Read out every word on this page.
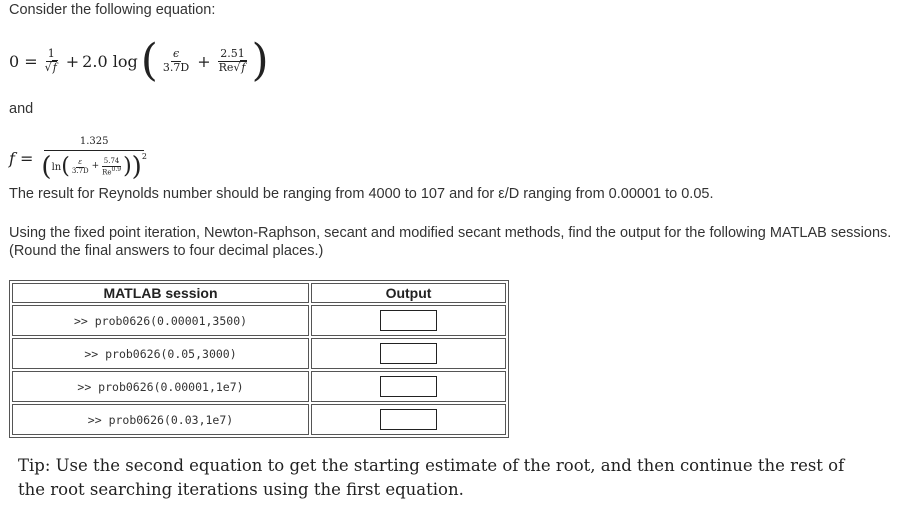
Consider the following equation:
$0 = \frac{1}{√f} + 2.0$ log ( $\frac{\epsilon}{3.7D} + \frac{2.51}{Re√f}$ )
and
f =
1.325
( ln ( $\frac{\varepsilon}{3.7D} + \frac{5.74}{Re^{0.9}}$ ) ) 2
The result for Reynolds number should be ranging from 4000 to 107 and for ε/D ranging from 0.00001 to 0.05.
Using the fixed point iteration, Newton-Raphson, secant and modified secant methods, find the output for the following MATLAB sessions. (Round the final answers to four decimal places.)
MATLAB session	Output
>> prob0626(0.00001,3500)	
>> prob0626(0.05,3000)	
>> prob0626(0.00001,1e7)	
>> prob0626(0.03,1e7)	
Tip: Use the second equation to get the starting estimate of the root, and then continue the rest of the root searching iterations using the first equation.
